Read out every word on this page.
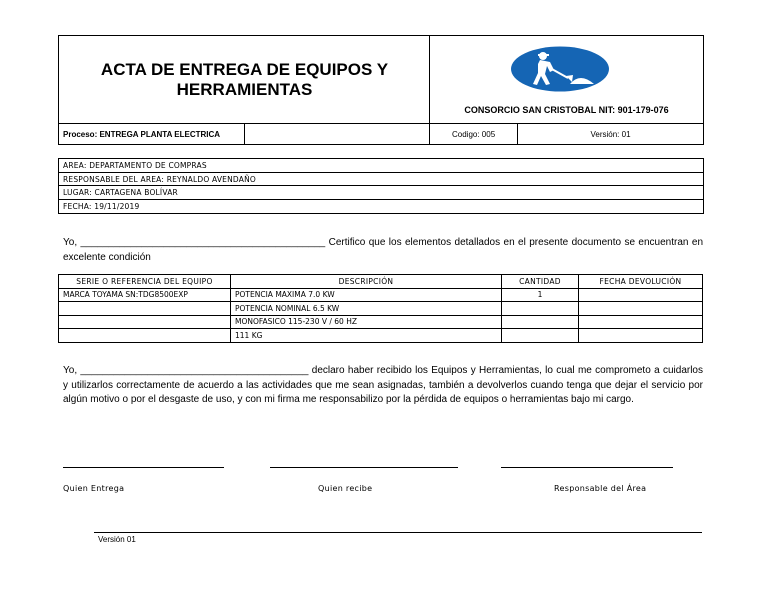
ACTA DE ENTREGA DE EQUIPOS Y HERRAMIENTAS
CONSORCIO SAN CRISTOBAL NIT: 901-179-076
Proceso: ENTREGA PLANTA ELECTRICA	Codigo: 005	Versión: 01
AREA: DEPARTAMENTO DE COMPRAS
RESPONSABLE DEL AREA: REYNALDO AVENDAÑO
LUGAR: CARTAGENA BOLÍVAR
FECHA: 19/11/2019
Yo, ____________________________________________ Certifico que los elementos detallados en el presente documento se encuentran en excelente condición
SERIE O REFERENCIA DEL EQUIPO	DESCRIPCIÓN	CANTIDAD	FECHA DEVOLUCIÓN
MARCA TOYAMA SN:TDG8500EXP	POTENCIA MAXIMA 7.0 KW	1	
	POTENCIA NOMINAL 6.5 KW		
	MONOFASICO 115-230 V / 60 HZ		
	111 KG		
Yo, _________________________________________ declaro haber recibido los Equipos y Herramientas, lo cual me comprometo a cuidarlos y utilizarlos correctamente de acuerdo a las actividades que me sean asignadas, también a devolverlos cuando tenga que dejar el servicio por algún motivo o por el desgaste de uso, y con mi firma me responsabilizo por la pérdida de equipos o herramientas bajo mi cargo.
Quien Entrega	Quien recibe	Responsable del Área
Versión 01
